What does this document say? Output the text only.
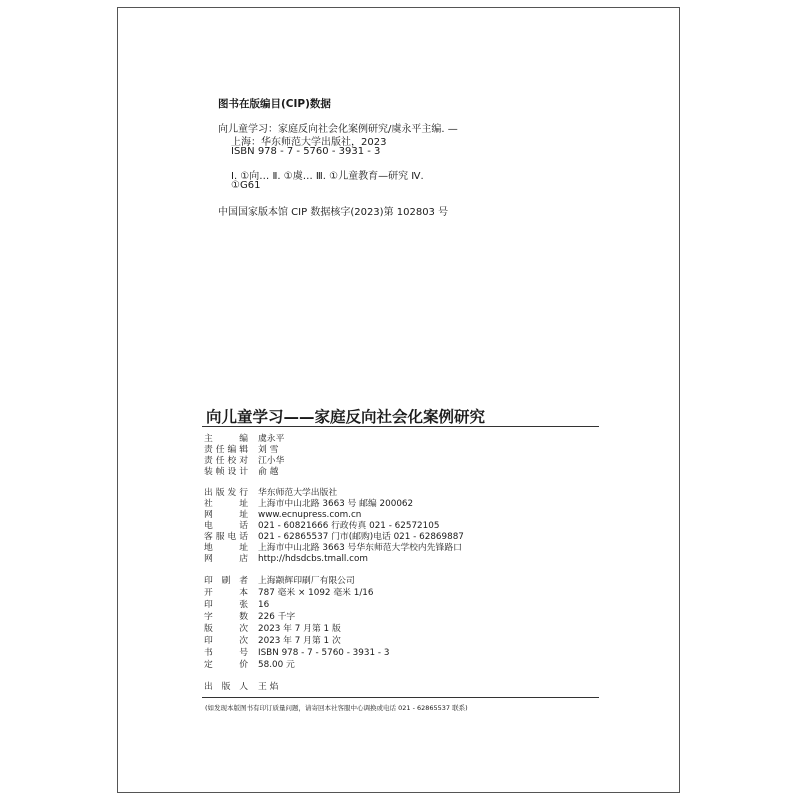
图书在版编目(CIP)数据
向儿童学习：家庭反向社会化案例研究/虞永平主编. —
上海：华东师范大学出版社，2023
ISBN 978 - 7 - 5760 - 3931 - 3
Ⅰ. ①向… Ⅱ. ①虞… Ⅲ. ①儿童教育—研究 Ⅳ.
①G61
中国国家版本馆 CIP 数据核字(2023)第 102803 号
向儿童学习——家庭反向社会化案例研究
主 编 虞永平
责任编辑 刘 雪
责任校对 江小华
装帧设计 俞 越
出版发行 华东师范大学出版社
社 址 上海市中山北路 3663 号 邮编 200062
网 址 www.ecnupress.com.cn
电 话 021 - 60821666 行政传真 021 - 62572105
客服电话 021 - 62865537 门市(邮购)电话 021 - 62869887
地 址 上海市中山北路 3663 号华东师范大学校内先锋路口
网 店 http://hdsdcbs.tmall.com
印 刷 者 上海颛辉印刷厂有限公司
开 本 787 毫米 × 1092 毫米 1/16
印 张 16
字 数 226 千字
版 次 2023 年 7 月第 1 版
印 次 2023 年 7 月第 1 次
书 号 ISBN 978 - 7 - 5760 - 3931 - 3
定 价 58.00 元
出 版 人 王 焰
(如发现本版图书有印订质量问题，请寄回本社客服中心调换或电话 021 - 62865537 联系)
